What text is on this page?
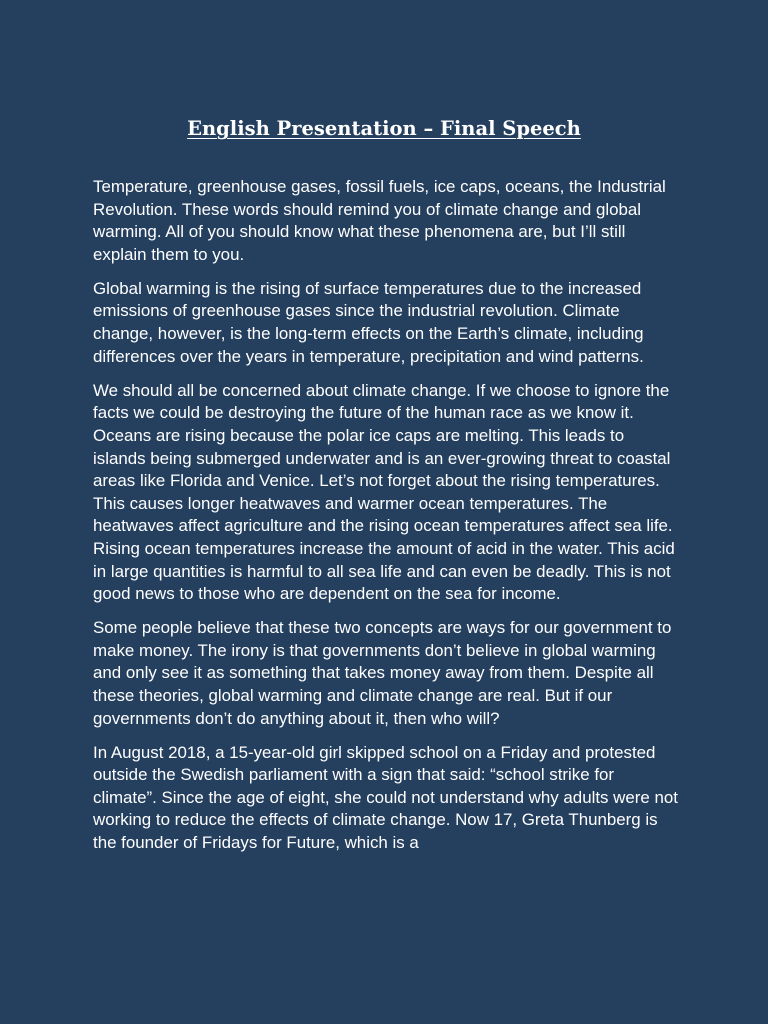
English Presentation – Final Speech

Temperature, greenhouse gases, fossil fuels, ice caps, oceans, the Industrial Revolution. These words should remind you of climate change and global warming. All of you should know what these phenomena are, but I’ll still explain them to you.

Global warming is the rising of surface temperatures due to the increased emissions of greenhouse gases since the industrial revolution. Climate change, however, is the long-term effects on the Earth’s climate, including differences over the years in temperature, precipitation and wind patterns.

We should all be concerned about climate change. If we choose to ignore the facts we could be destroying the future of the human race as we know it. Oceans are rising because the polar ice caps are melting. This leads to islands being submerged underwater and is an ever-growing threat to coastal areas like Florida and Venice. Let’s not forget about the rising temperatures. This causes longer heatwaves and warmer ocean temperatures. The heatwaves affect agriculture and the rising ocean temperatures affect sea life. Rising ocean temperatures increase the amount of acid in the water. This acid in large quantities is harmful to all sea life and can even be deadly. This is not good news to those who are dependent on the sea for income.

Some people believe that these two concepts are ways for our government to make money. The irony is that governments don’t believe in global warming and only see it as something that takes money away from them. Despite all these theories, global warming and climate change are real. But if our governments don’t do anything about it, then who will?

In August 2018, a 15-year-old girl skipped school on a Friday and protested outside the Swedish parliament with a sign that said: “school strike for climate”. Since the age of eight, she could not understand why adults were not working to reduce the effects of climate change. Now 17, Greta Thunberg is the founder of Fridays for Future, which is a
